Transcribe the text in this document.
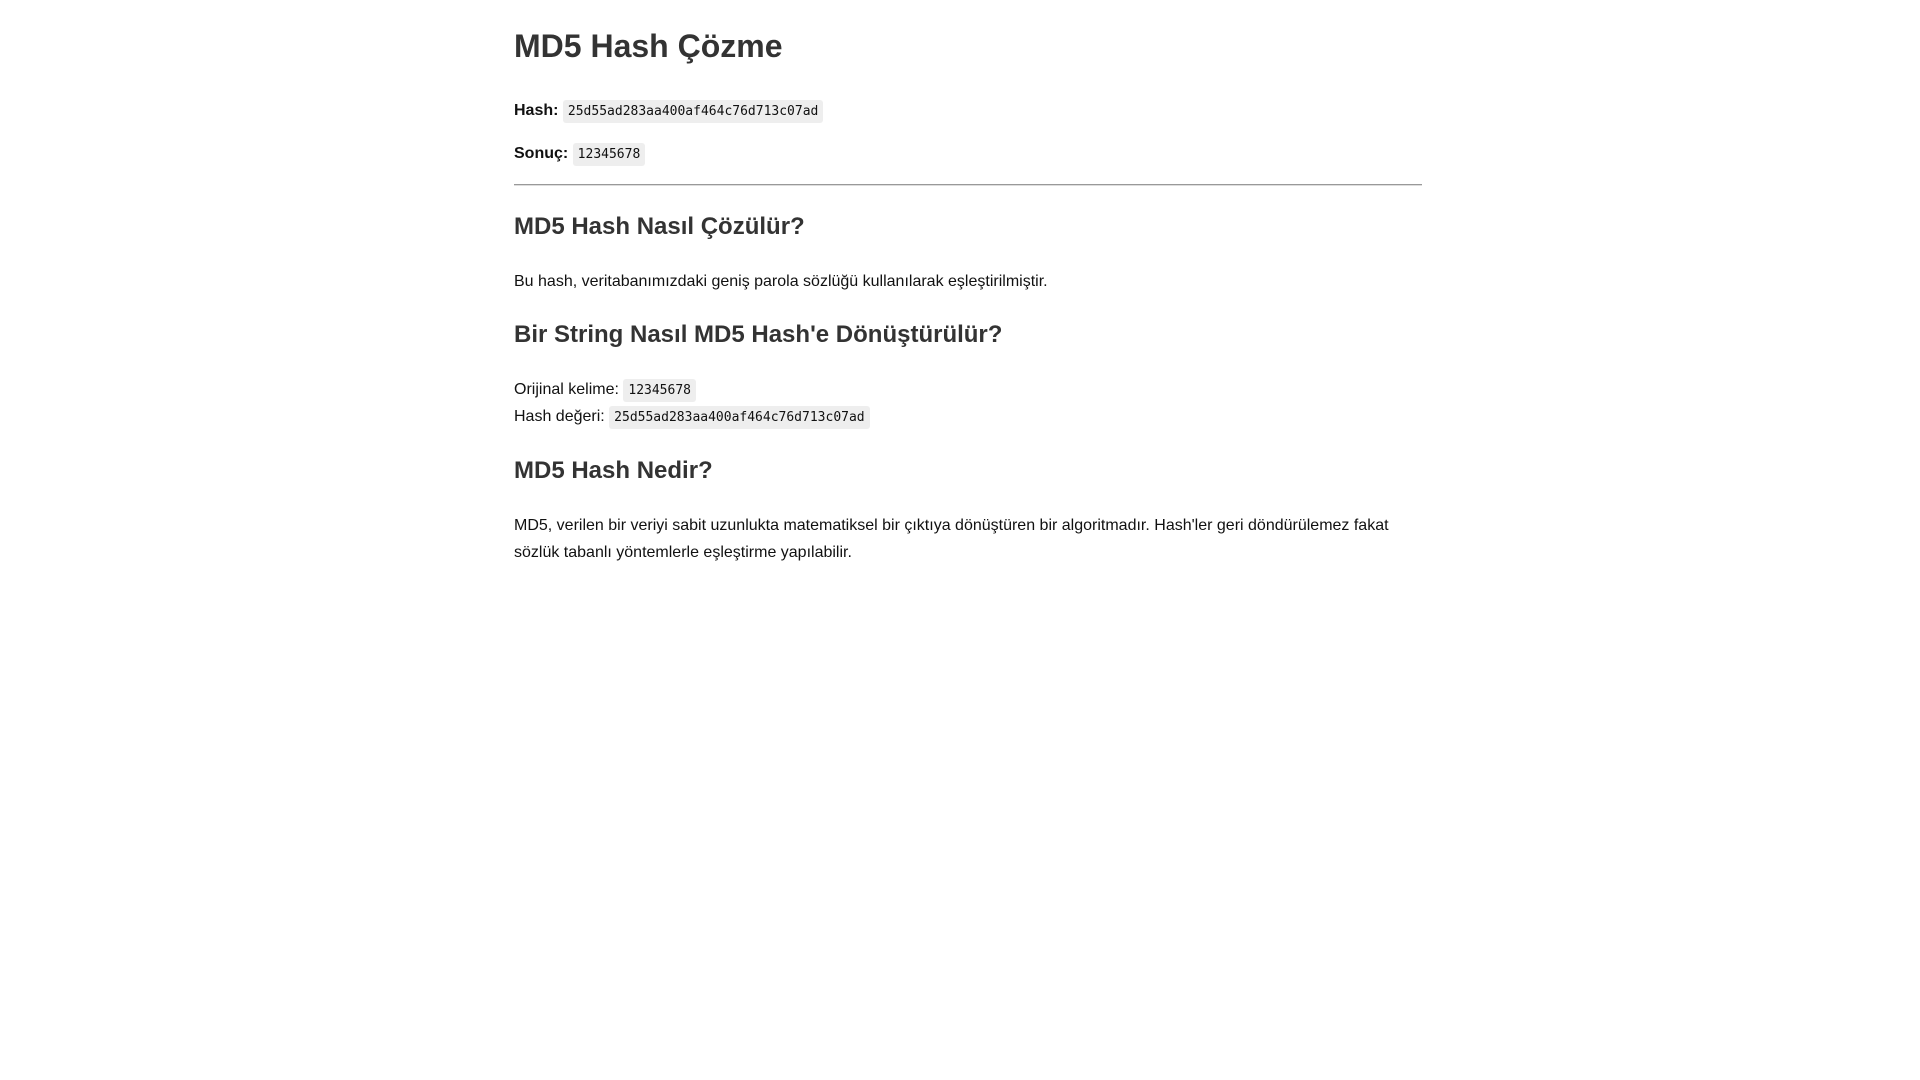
MD5 Hash Çözme
Hash: 25d55ad283aa400af464c76d713c07ad
Sonuç: 12345678
MD5 Hash Nasıl Çözülür?

Bu hash, veritabanımızdaki geniş parola sözlüğü kullanılarak eşleştirilmiştir.

Bir String Nasıl MD5 Hash'e Dönüştürülür?
Orijinal kelime: 12345678
Hash değeri: 25d55ad283aa400af464c76d713c07ad
MD5 Hash Nedir?

MD5, verilen bir veriyi sabit uzunlukta matematiksel bir çıktıya dönüştüren bir algoritmadır. Hash'ler geri döndürülemez fakat sözlük tabanlı yöntemlerle eşleştirme yapılabilir.
